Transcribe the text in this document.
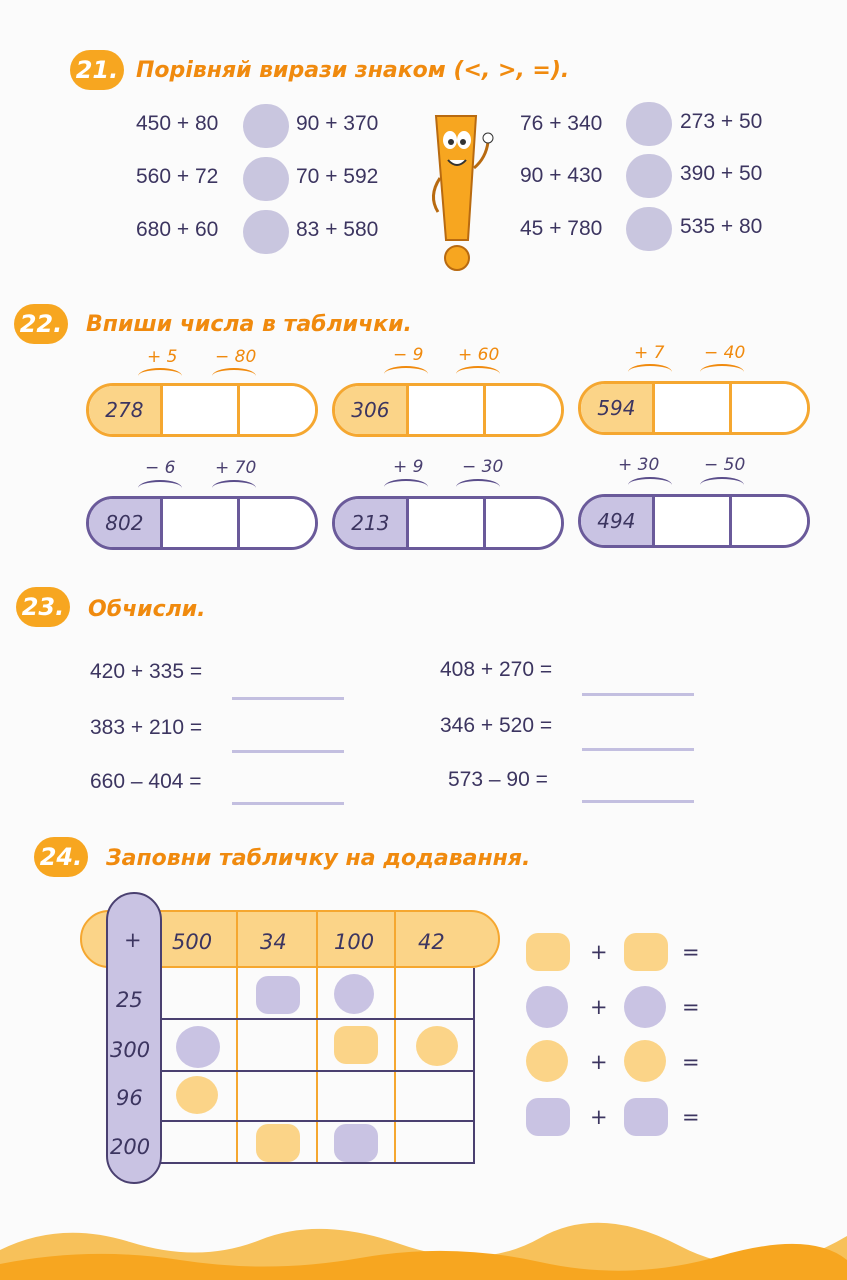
21. Порівняй вирази знаком (<, >, =).
450 + 80	90 + 370
560 + 72	70 + 592
680 + 60	83 + 580
76 + 340	273 + 50
90 + 430	390 + 50
45 + 780	535 + 80
22. Впиши числа в таблички.
+ 5 − 80
278
− 9 + 60
306
+ 7 − 40
594
− 6 + 70
802
+ 9 − 30
213
+ 30	− 50
494
23. Обчисли.
420 + 335 =
383 + 210 =
660 – 404 =
408 + 270 =
346 + 520 =
573 – 90 =
24. Заповни табличку на додавання.
+ 500 34 100 42
25
300
96
200
+	=
+	=
+	=
+	=
